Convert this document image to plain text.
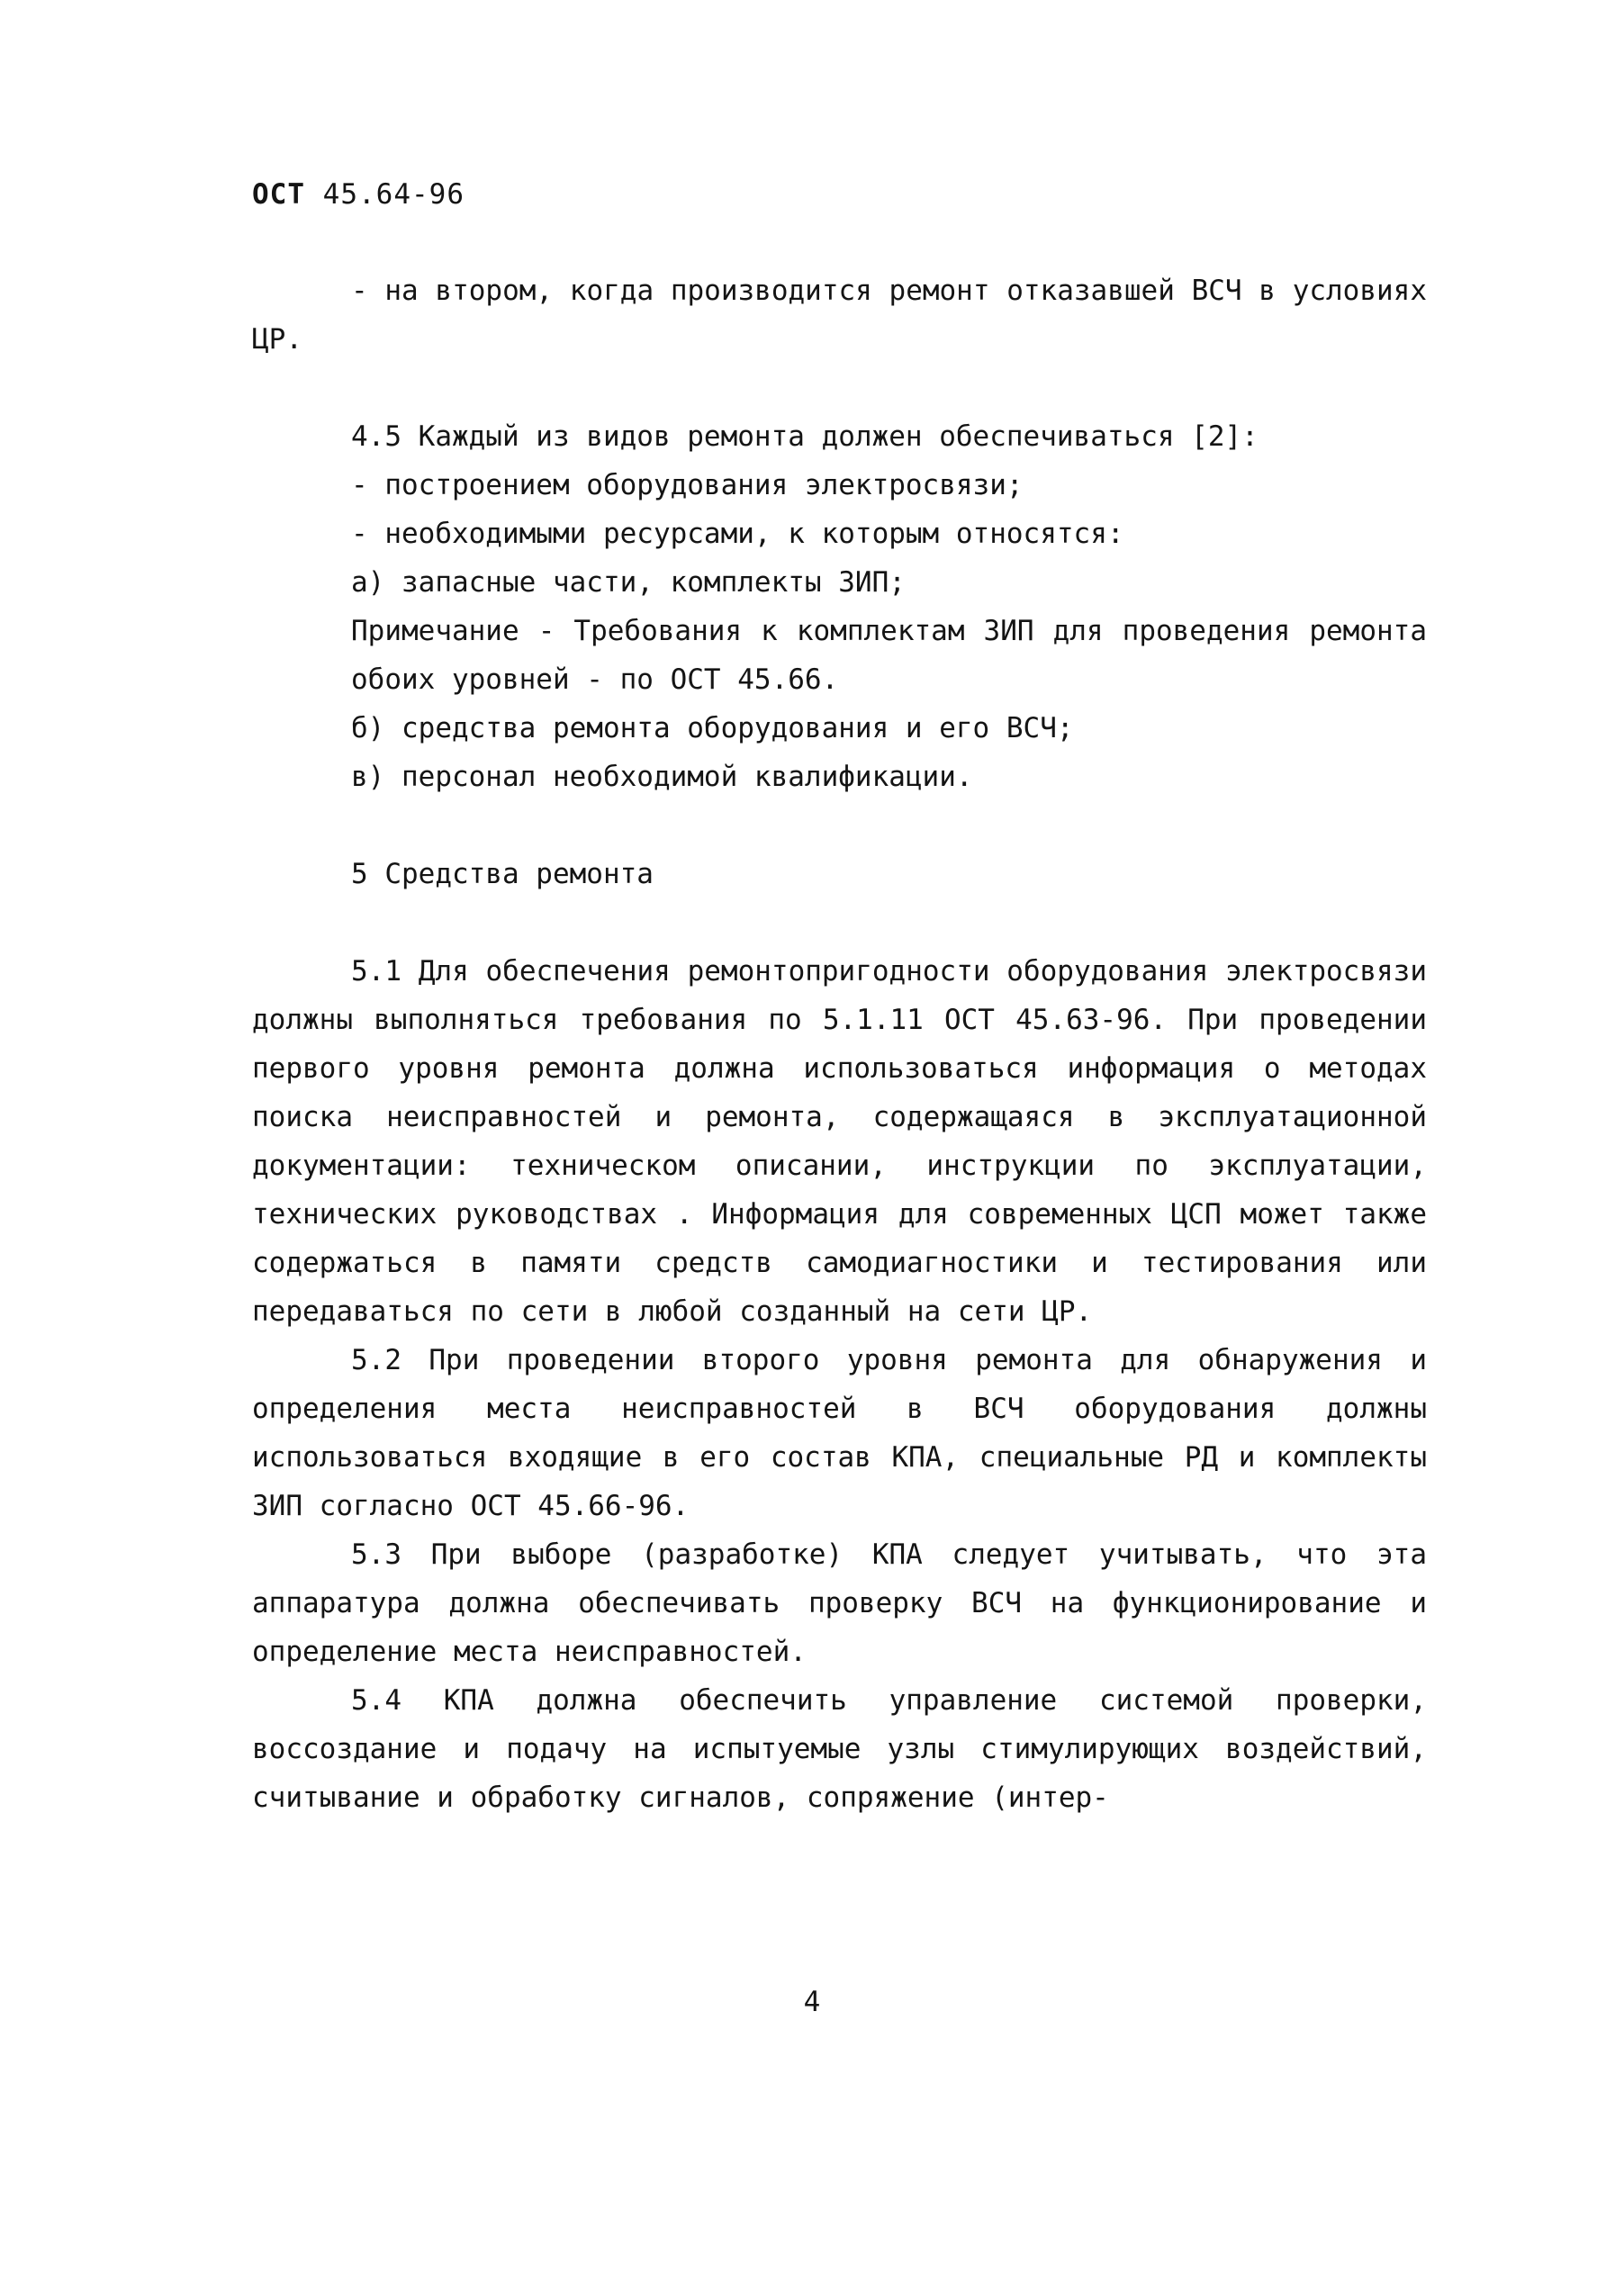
ОСТ 45.64-96

- на втором, когда производится ремонт отказавшей ВСЧ в условиях ЦР.

4.5 Каждый из видов ремонта должен обеспечиваться [2]:

- построением оборудования электросвязи;

- необходимыми ресурсами, к которым относятся:

а) запасные части, комплекты ЗИП;

Примечание - Требования к комплектам ЗИП для проведения ремонта обоих уровней - по ОСТ 45.66.

б) средства ремонта оборудования и его ВСЧ;

в) персонал необходимой квалификации.

5 Средства ремонта

5.1 Для обеспечения ремонтопригодности оборудования электросвязи должны выполняться требования по 5.1.11 ОСТ 45.63-96. При проведении первого уровня ремонта должна использоваться информация о методах поиска неисправностей и ремонта, содержащаяся в эксплуатационной документации: техническом описании, инструкции по эксплуатации, технических руководствах . Информация для современных ЦСП может также содержаться в памяти средств самодиагностики и тестирования или передаваться по сети в любой созданный на сети ЦР.

5.2 При проведении второго уровня ремонта для обнаружения и определения места неисправностей в ВСЧ оборудования должны использоваться входящие в его состав КПА, специальные РД и комплекты ЗИП согласно ОСТ 45.66-96.

5.3 При выборе (разработке) КПА следует учитывать, что эта аппаратура должна обеспечивать проверку ВСЧ на функционирование и определение места неисправностей.

5.4 КПА должна обеспечить управление системой проверки, воссоздание и подачу на испытуемые узлы стимулирующих воздействий, считывание и обработку сигналов, сопряжение (интер-

4
